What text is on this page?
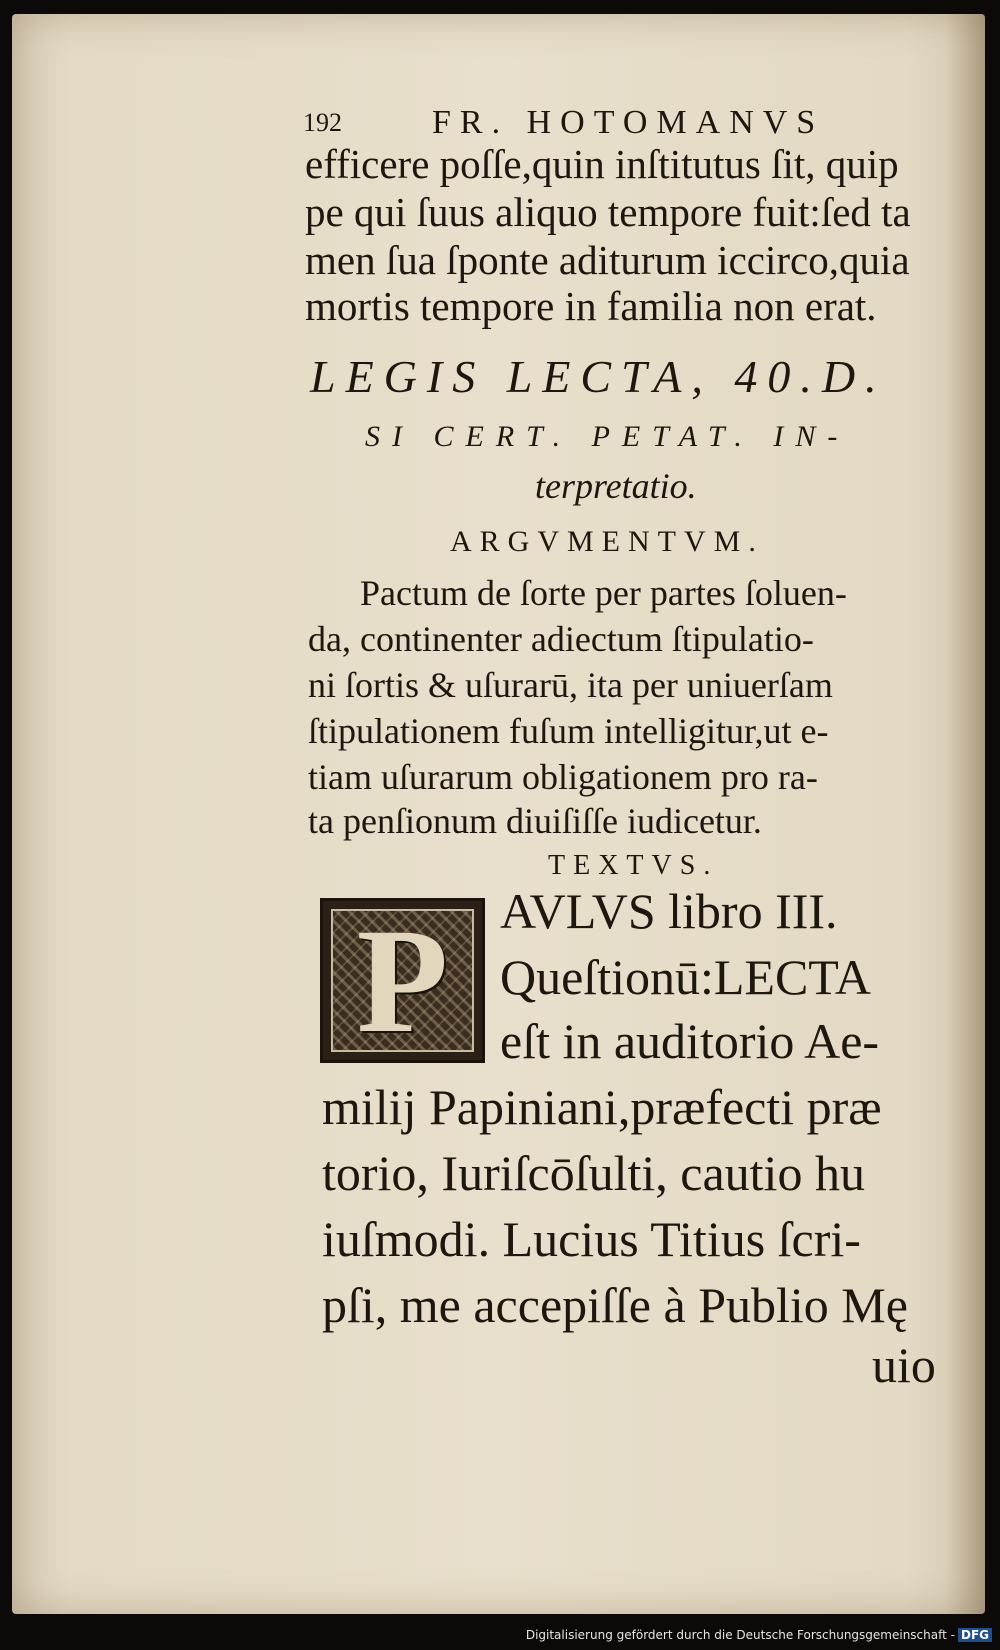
192	FR. HOTOMANVS
efficere poſſe,quin inſtitutus ſit, quip
pe qui ſuus aliquo tempore fuit:ſed ta
men ſua ſponte aditurum iccirco,quia
mortis tempore in familia non erat.
LEGIS LECTA, 40.D.
SI CERT. PETAT. IN-
terpretatio.
ARGVMENTVM.
Pactum de ſorte per partes ſoluen-
da, continenter adiectum ſtipulatio-
ni ſortis & uſurarū, ita per uniuerſam
ſtipulationem fuſum intelligitur,ut e-
tiam uſurarum obligationem pro ra-
ta penſionum diuiſiſſe iudicetur.
TEXTVS.
P	AVLVS libro III.
Queſtionū:LECTA
eſt in auditorio Ae-
milij Papiniani,præfecti præ
torio, Iuriſcōſulti, cautio hu
iuſmodi. Lucius Titius ſcri-
pſi, me accepiſſe à Publio Mę
uio
Digitalisierung gefördert durch die Deutsche Forschungsgemeinschaft - DFG
